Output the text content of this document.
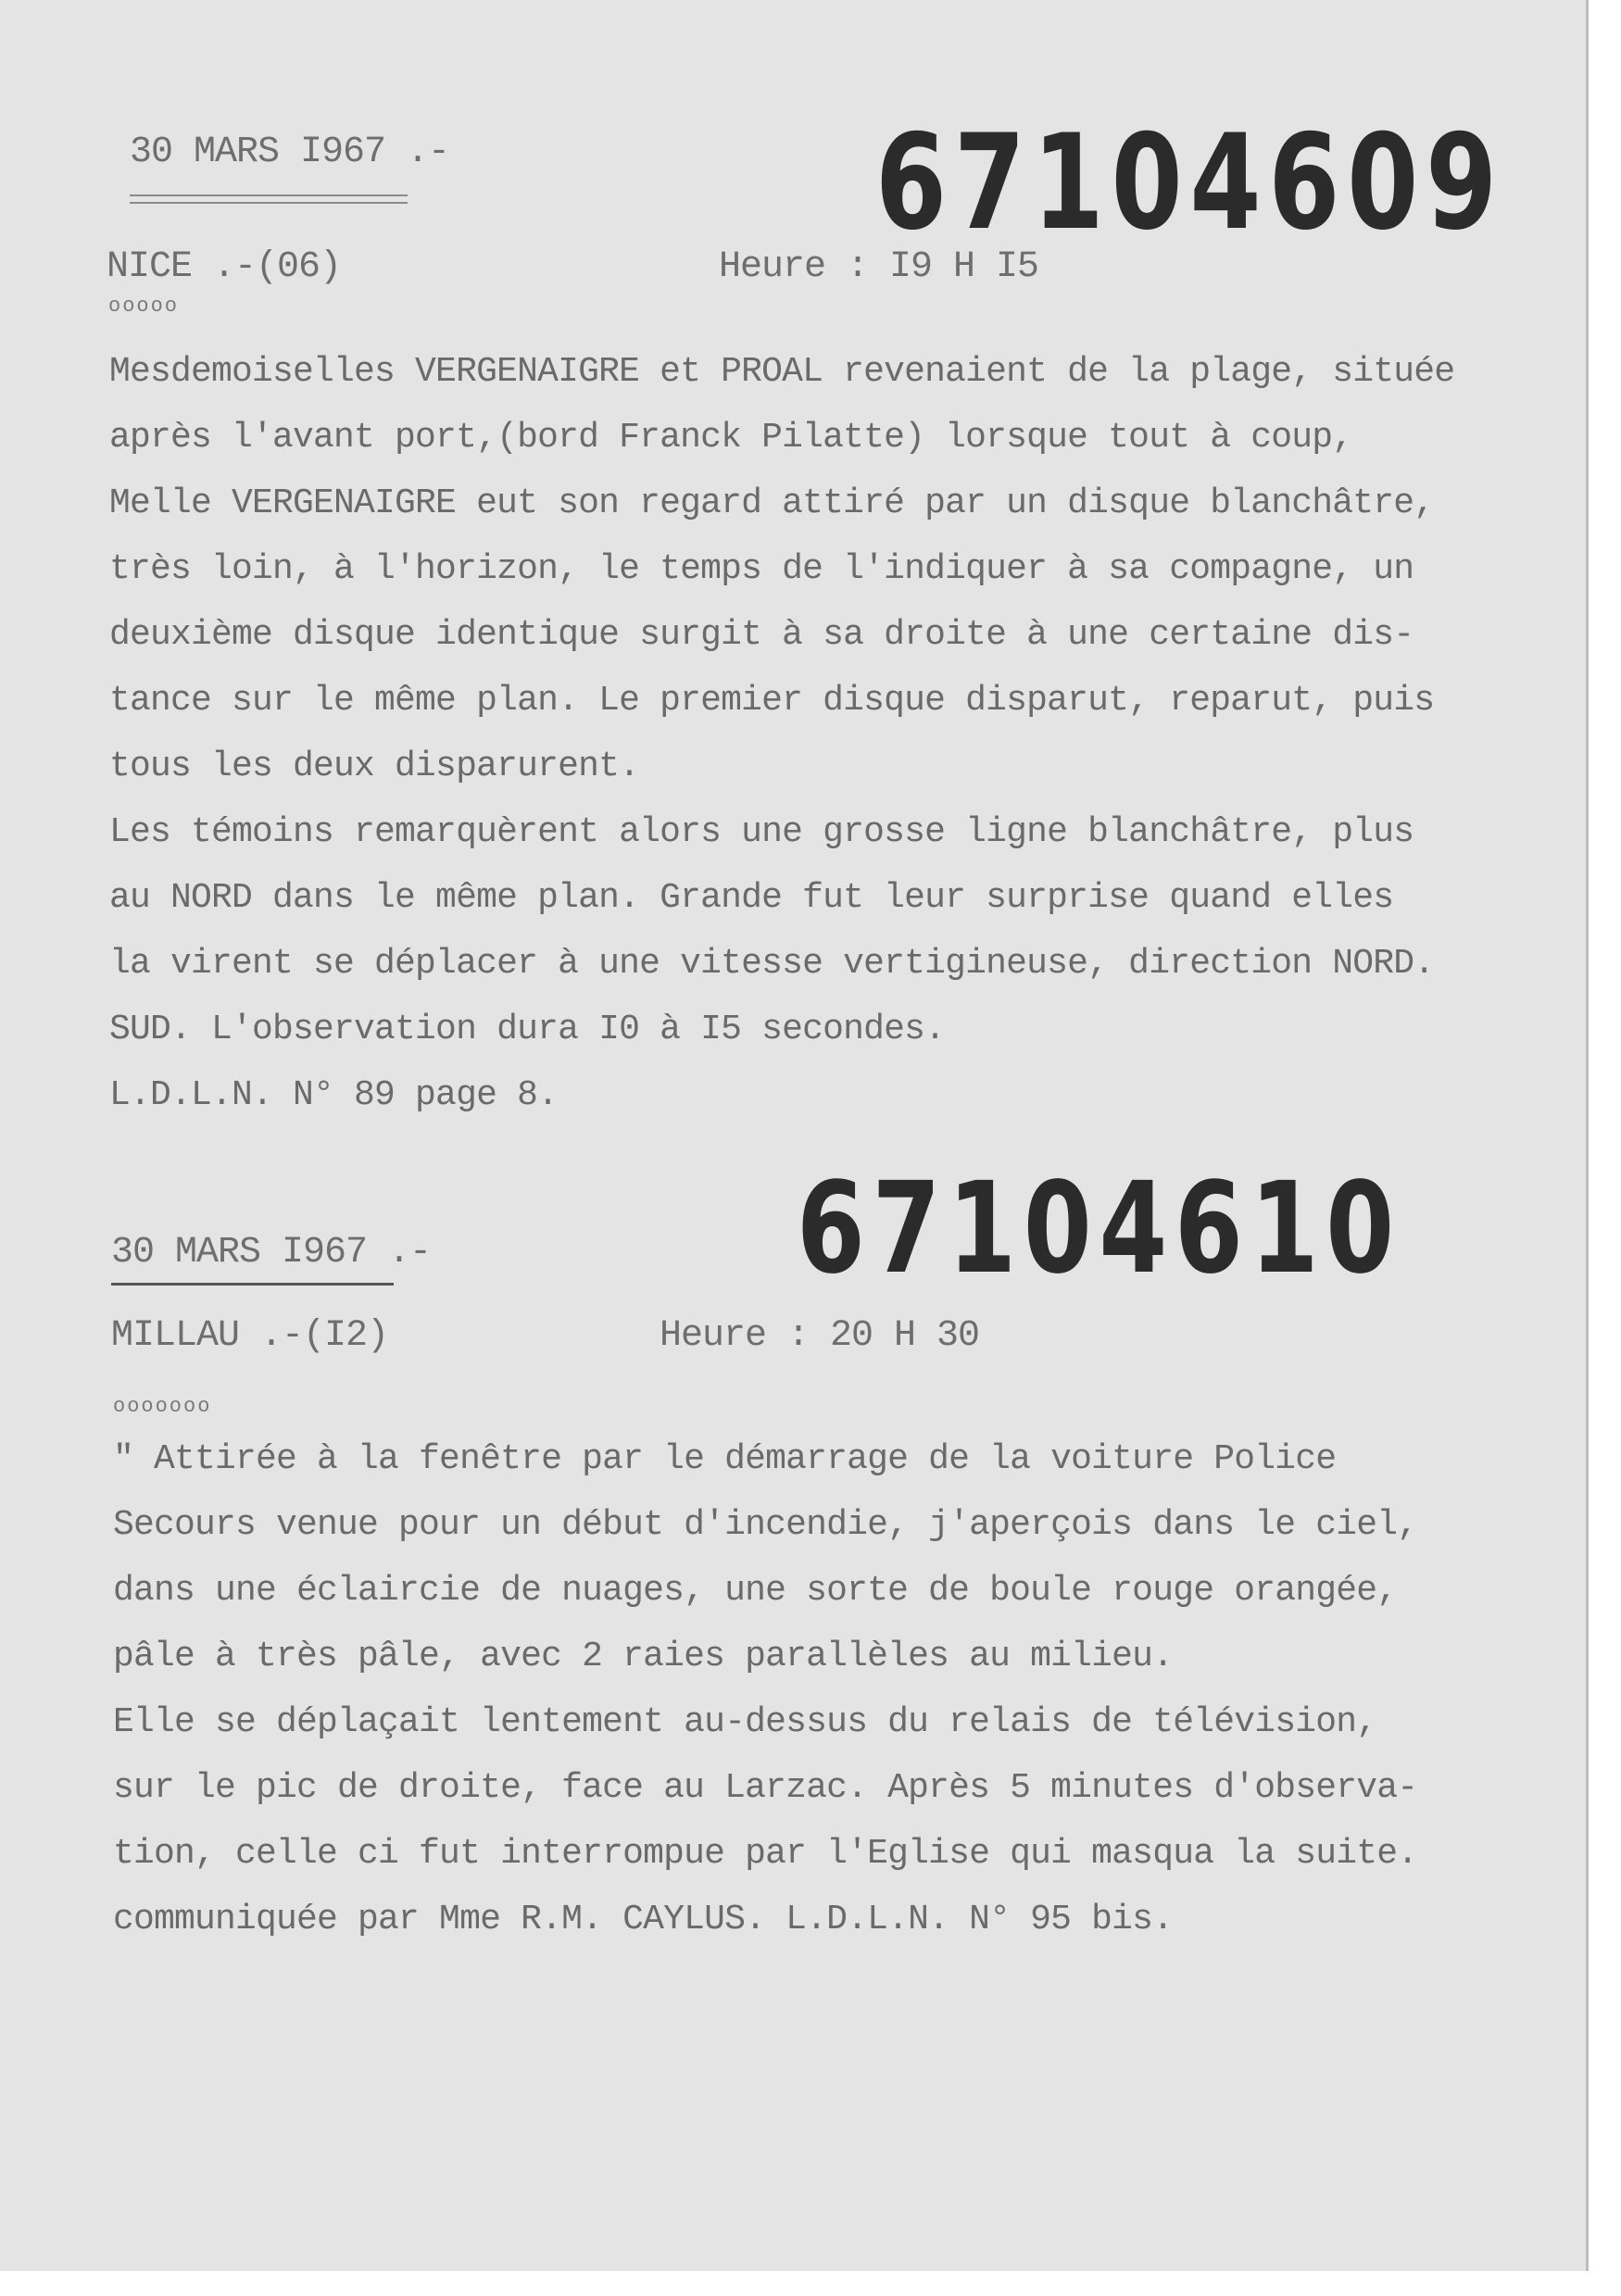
30 MARS I967 .-	67104609
NICE .-(06)	Heure : I9 H I5
ooooo
Mesdemoiselles VERGENAIGRE et PROAL revenaient de la plage, située
après l'avant port,(bord Franck Pilatte) lorsque tout à coup,
Melle VERGENAIGRE eut son regard attiré par un disque blanchâtre,
très loin, à l'horizon, le temps de l'indiquer à sa compagne, un
deuxième disque identique surgit à sa droite à une certaine dis-
tance sur le même plan. Le premier disque disparut, reparut, puis
tous les deux disparurent.
Les témoins remarquèrent alors une grosse ligne blanchâtre, plus
au NORD dans le même plan. Grande fut leur surprise quand elles
la virent se déplacer à une vitesse vertigineuse, direction NORD.
SUD. L'observation dura I0 à I5 secondes.
L.D.L.N. N° 89 page 8.
67104610
30 MARS I967 .-
MILLAU .-(I2)	Heure : 20 H 30
ooooooo
" Attirée à la fenêtre par le démarrage de la voiture Police
Secours venue pour un début d'incendie, j'aperçois dans le ciel,
dans une éclaircie de nuages, une sorte de boule rouge orangée,
pâle à très pâle, avec 2 raies parallèles au milieu.
Elle se déplaçait lentement au-dessus du relais de télévision,
sur le pic de droite, face au Larzac. Après 5 minutes d'observa-
tion, celle ci fut interrompue par l'Eglise qui masqua la suite.
communiquée par Mme R.M. CAYLUS. L.D.L.N. N° 95 bis.
